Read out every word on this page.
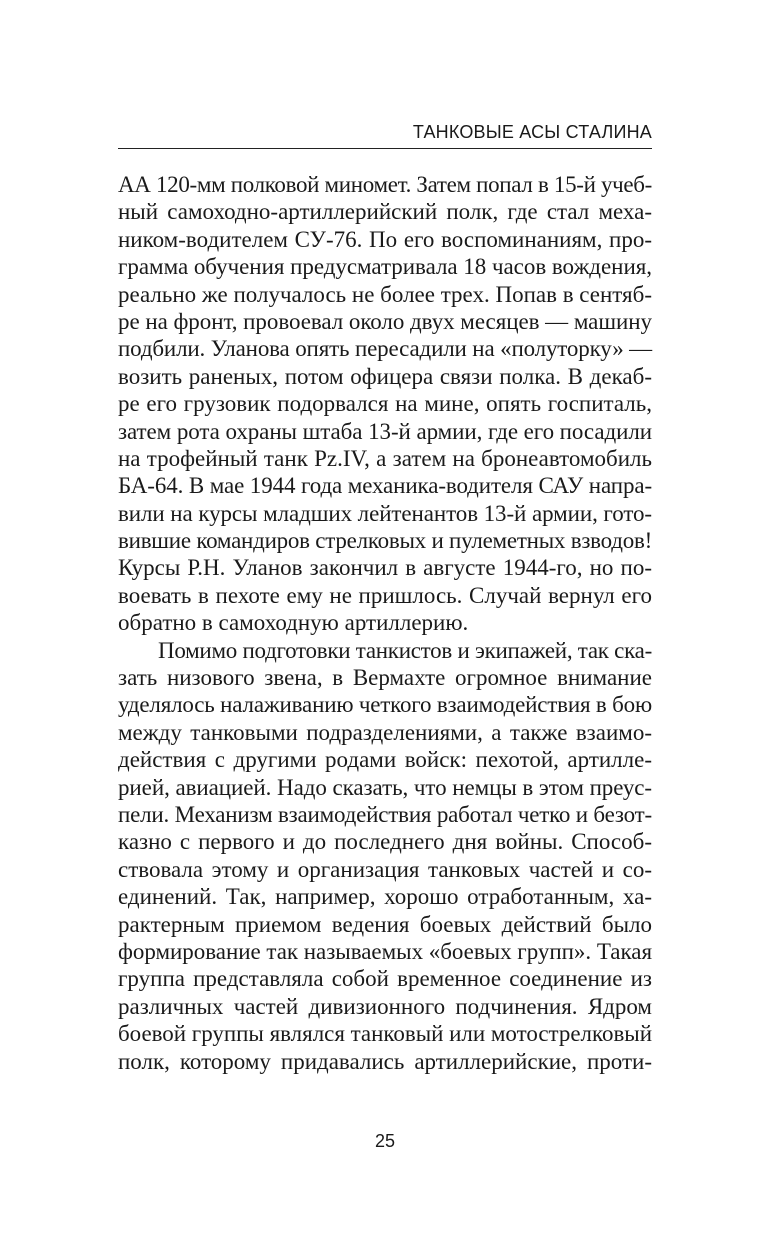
ТАНКОВЫЕ АСЫ СТАЛИНА
АА 120-мм полковой миномет. Затем попал в 15-й учеб-
ный самоходно-артиллерийский полк, где стал меха-
ником-водителем СУ-76. По его воспоминаниям, про-
грамма обучения предусматривала 18 часов вождения,
реально же получалось не более трех. Попав в сентяб-
ре на фронт, провоевал около двух месяцев — машину
подбили. Уланова опять пересадили на «полуторку» —
возить раненых, потом офицера связи полка. В декаб-
ре его грузовик подорвался на мине, опять госпиталь,
затем рота охраны штаба 13-й армии, где его посадили
на трофейный танк Pz.IV, а затем на бронеавтомобиль
БА-64. В мае 1944 года механика-водителя САУ напра-
вили на курсы младших лейтенантов 13-й армии, гото-
вившие командиров стрелковых и пулеметных взводов!
Курсы Р.Н. Уланов закончил в августе 1944-го, но по-
воевать в пехоте ему не пришлось. Случай вернул его
обратно в самоходную артиллерию.
Помимо подготовки танкистов и экипажей, так ска-
зать низового звена, в Вермахте огромное внимание
уделялось налаживанию четкого взаимодействия в бою
между танковыми подразделениями, а также взаимо-
действия с другими родами войск: пехотой, артилле-
рией, авиацией. Надо сказать, что немцы в этом преус-
пели. Механизм взаимодействия работал четко и безот-
казно с первого и до последнего дня войны. Способ-
ствовала этому и организация танковых частей и со-
единений. Так, например, хорошо отработанным, ха-
рактерным приемом ведения боевых действий было
формирование так называемых «боевых групп». Такая
группа представляла собой временное соединение из
различных частей дивизионного подчинения. Ядром
боевой группы являлся танковый или мотострелковый
полк, которому придавались артиллерийские, проти-
25
